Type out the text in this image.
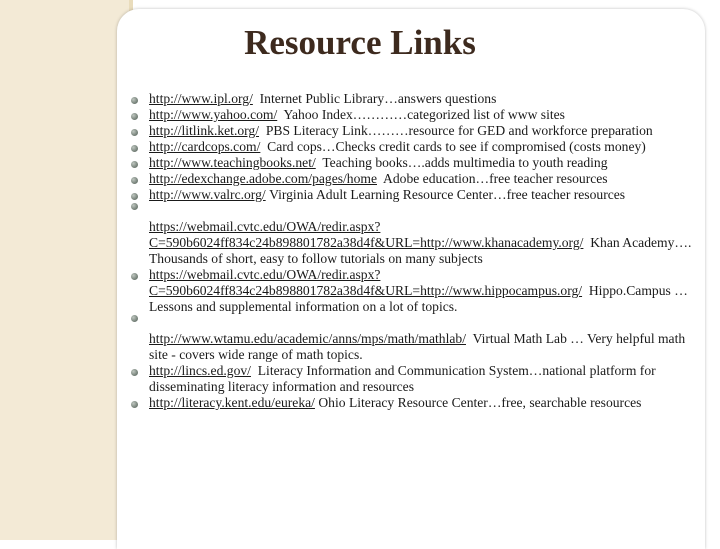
Resource Links
http://www.ipl.org/ Internet Public Library…answers questions
http://www.yahoo.com/ Yahoo Index…………categorized list of www sites
http://litlink.ket.org/ PBS Literacy Link………resource for GED and workforce preparation
http://cardcops.com/ Card cops…Checks credit cards to see if compromised (costs money)
http://www.teachingbooks.net/ Teaching books….adds multimedia to youth reading
http://edexchange.adobe.com/pages/home Adobe education…free teacher resources
http://www.valrc.org/ Virginia Adult Learning Resource Center…free teacher resources
https://webmail.cvtc.edu/OWA/redir.aspx?C=590b6024ff834c24b898801782a38d4f&URL=http://www.khanacademy.org/ Khan Academy…. Thousands of short, easy to follow tutorials on many subjects
https://webmail.cvtc.edu/OWA/redir.aspx?C=590b6024ff834c24b898801782a38d4f&URL=http://www.hippocampus.org/ Hippo.Campus … Lessons and supplemental information on a lot of topics.
http://www.wtamu.edu/academic/anns/mps/math/mathlab/ Virtual Math Lab … Very helpful math site - covers wide range of math topics.
http://lincs.ed.gov/ Literacy Information and Communication System…national platform for disseminating literacy information and resources
http://literacy.kent.edu/eureka/ Ohio Literacy Resource Center…free, searchable resources
